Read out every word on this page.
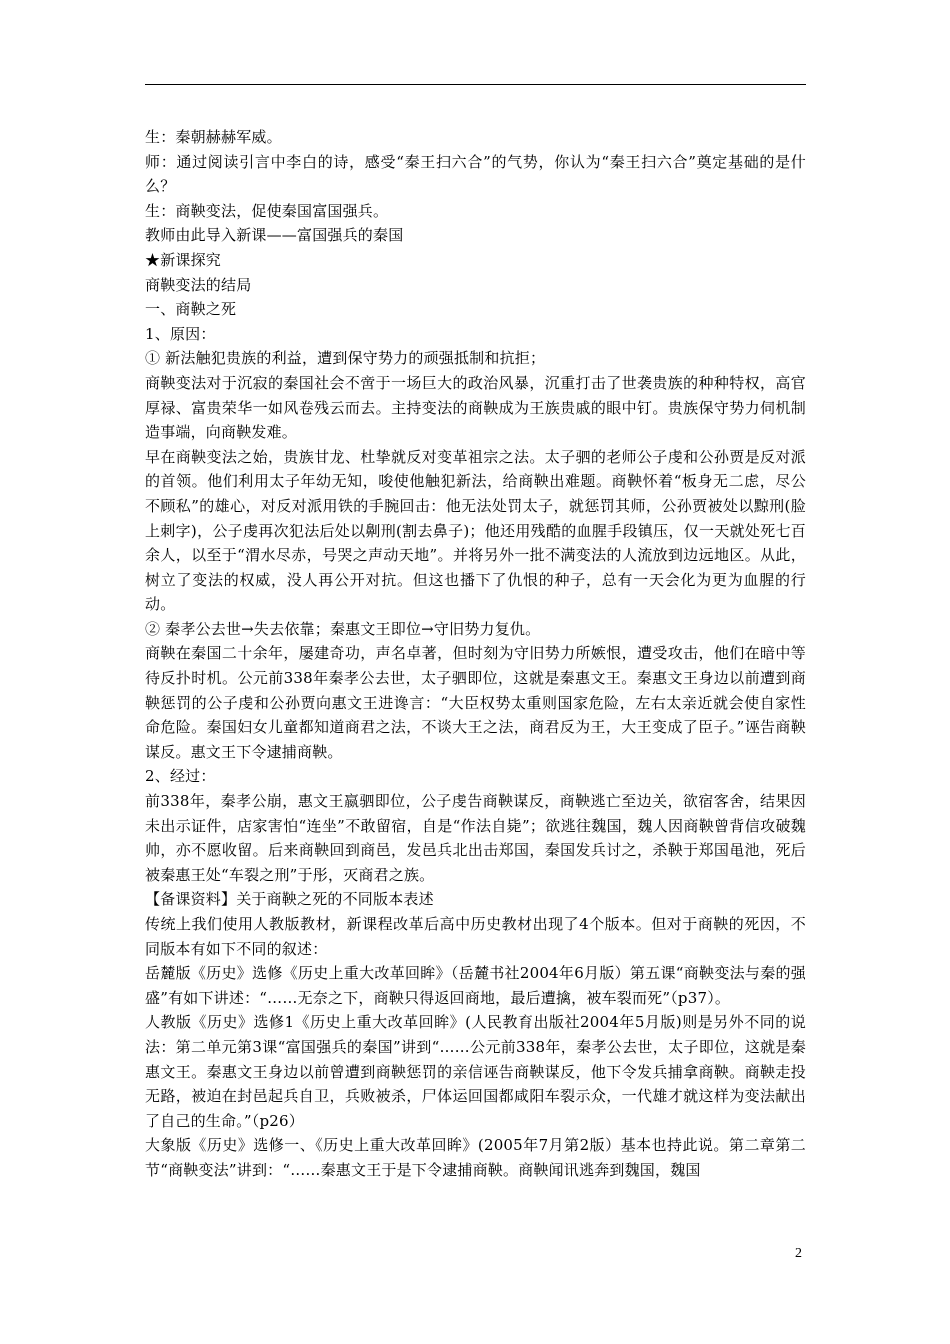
生：秦朝赫赫军威。

师：通过阅读引言中李白的诗，感受“秦王扫六合”的气势，你认为“秦王扫六合”奠定基础的是什么？

生：商鞅变法，促使秦国富国强兵。

教师由此导入新课——富国强兵的秦国

★新课探究

商鞅变法的结局

一、商鞅之死

1、原因：

① 新法触犯贵族的利益，遭到保守势力的顽强抵制和抗拒；

商鞅变法对于沉寂的秦国社会不啻于一场巨大的政治风暴，沉重打击了世袭贵族的种种特权，高官厚禄、富贵荣华一如风卷残云而去。主持变法的商鞅成为王族贵戚的眼中钉。贵族保守势力伺机制造事端，向商鞅发难。

早在商鞅变法之始，贵族甘龙、杜挚就反对变革祖宗之法。太子驷的老师公子虔和公孙贾是反对派的首领。他们利用太子年幼无知，唆使他触犯新法，给商鞅出难题。商鞅怀着“板身无二虑，尽公不顾私”的雄心，对反对派用铁的手腕回击：他无法处罚太子，就惩罚其师，公孙贾被处以黥刑(脸上刺字)，公子虔再次犯法后处以劓刑(割去鼻子)；他还用残酷的血腥手段镇压，仅一天就处死七百余人，以至于“渭水尽赤，号哭之声动天地”。并将另外一批不满变法的人流放到边远地区。从此，树立了变法的权威，没人再公开对抗。但这也播下了仇恨的种子，总有一天会化为更为血腥的行动。

② 秦孝公去世→失去依靠；秦惠文王即位→守旧势力复仇。

商鞅在秦国二十余年，屡建奇功，声名卓著，但时刻为守旧势力所嫉恨，遭受攻击，他们在暗中等待反扑时机。公元前338年秦孝公去世，太子驷即位，这就是秦惠文王。秦惠文王身边以前遭到商鞅惩罚的公子虔和公孙贾向惠文王进谗言：“大臣权势太重则国家危险，左右太亲近就会使自家性命危险。秦国妇女儿童都知道商君之法，不谈大王之法，商君反为王，大王变成了臣子。”诬告商鞅谋反。惠文王下令逮捕商鞅。

2、经过：

前338年，秦孝公崩，惠文王嬴驷即位，公子虔告商鞅谋反，商鞅逃亡至边关，欲宿客舍，结果因未出示证件，店家害怕“连坐”不敢留宿，自是“作法自毙”；欲逃往魏国，魏人因商鞅曾背信攻破魏帅，亦不愿收留。后来商鞅回到商邑，发邑兵北出击郑国，秦国发兵讨之，杀鞅于郑国黾池，死后被秦惠王处“车裂之刑”于彤，灭商君之族。

【备课资料】关于商鞅之死的不同版本表述

传统上我们使用人教版教材，新课程改革后高中历史教材出现了4个版本。但对于商鞅的死因，不同版本有如下不同的叙述：

岳麓版《历史》选修《历史上重大改革回眸》（岳麓书社2004年6月版）第五课“商鞅变法与秦的强盛”有如下讲述：“……无奈之下，商鞅只得返回商地，最后遭擒，被车裂而死”（p37）。

人教版《历史》选修1《历史上重大改革回眸》(人民教育出版社2004年5月版)则是另外不同的说法：第二单元第3课“富国强兵的秦国”讲到“……公元前338年，秦孝公去世，太子即位，这就是秦惠文王。秦惠文王身边以前曾遭到商鞅惩罚的亲信诬告商鞅谋反，他下令发兵捕拿商鞅。商鞅走投无路，被迫在封邑起兵自卫，兵败被杀，尸体运回国都咸阳车裂示众，一代雄才就这样为变法献出了自己的生命。”（p26）

大象版《历史》选修一、《历史上重大改革回眸》(2005年7月第2版）基本也持此说。第二章第二节“商鞅变法”讲到：“……秦惠文王于是下令逮捕商鞅。商鞅闻讯逃奔到魏国，魏国

2
